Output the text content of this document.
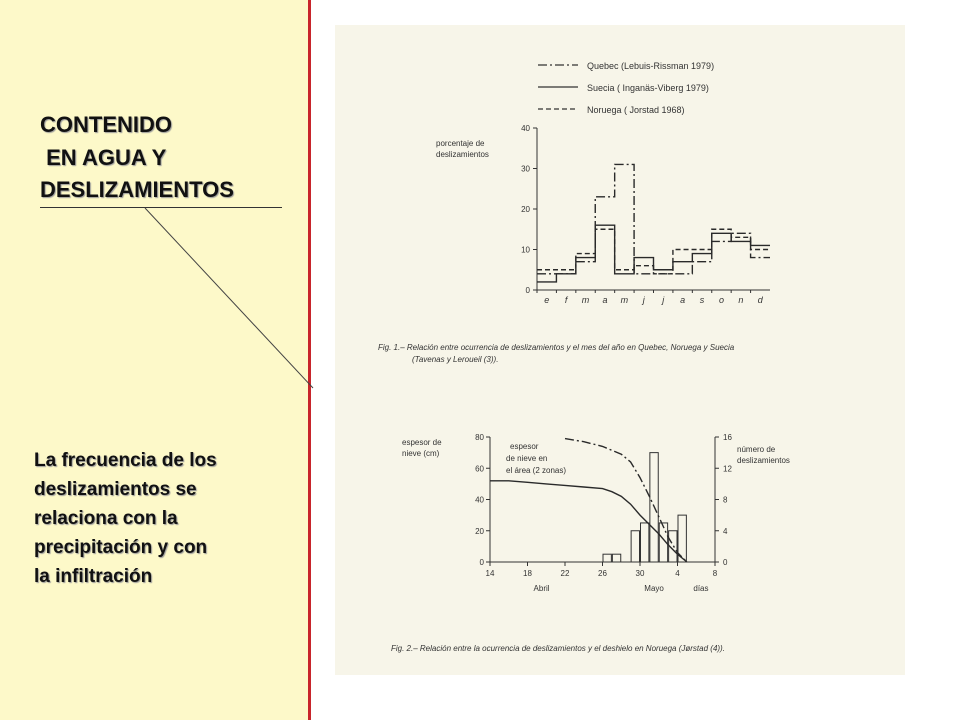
CONTENIDO
EN AGUA Y
DESLIZAMIENTOS
La frecuencia de los
deslizamientos se
relaciona con la
precipitación y con
la infiltración
Quebec (Lebuis-Rissman 1979)
Suecia ( Inganäs-Viberg 1979)
Noruega ( Jorstad 1968)
porcentaje de
deslizamientos
0
10
20
30
40
e f m a m j j a s o n d
Fig. 1.– Relación entre ocurrencia de deslizamientos y el mes del año en Quebec, Noruega y Suecia
(Tavenas y Leroueil (3)).
0
20
40
60
80
0
4
8
12
16
14	18	22	26	30	4	8
Abril	Mayo	días
espesor de
nieve (cm)	número de
deslizamientos
espesor
de nieve en
el área (2 zonas)
Fig. 2.– Relación entre la ocurrencia de deslizamientos y el deshielo en Noruega (Jørstad (4)).
